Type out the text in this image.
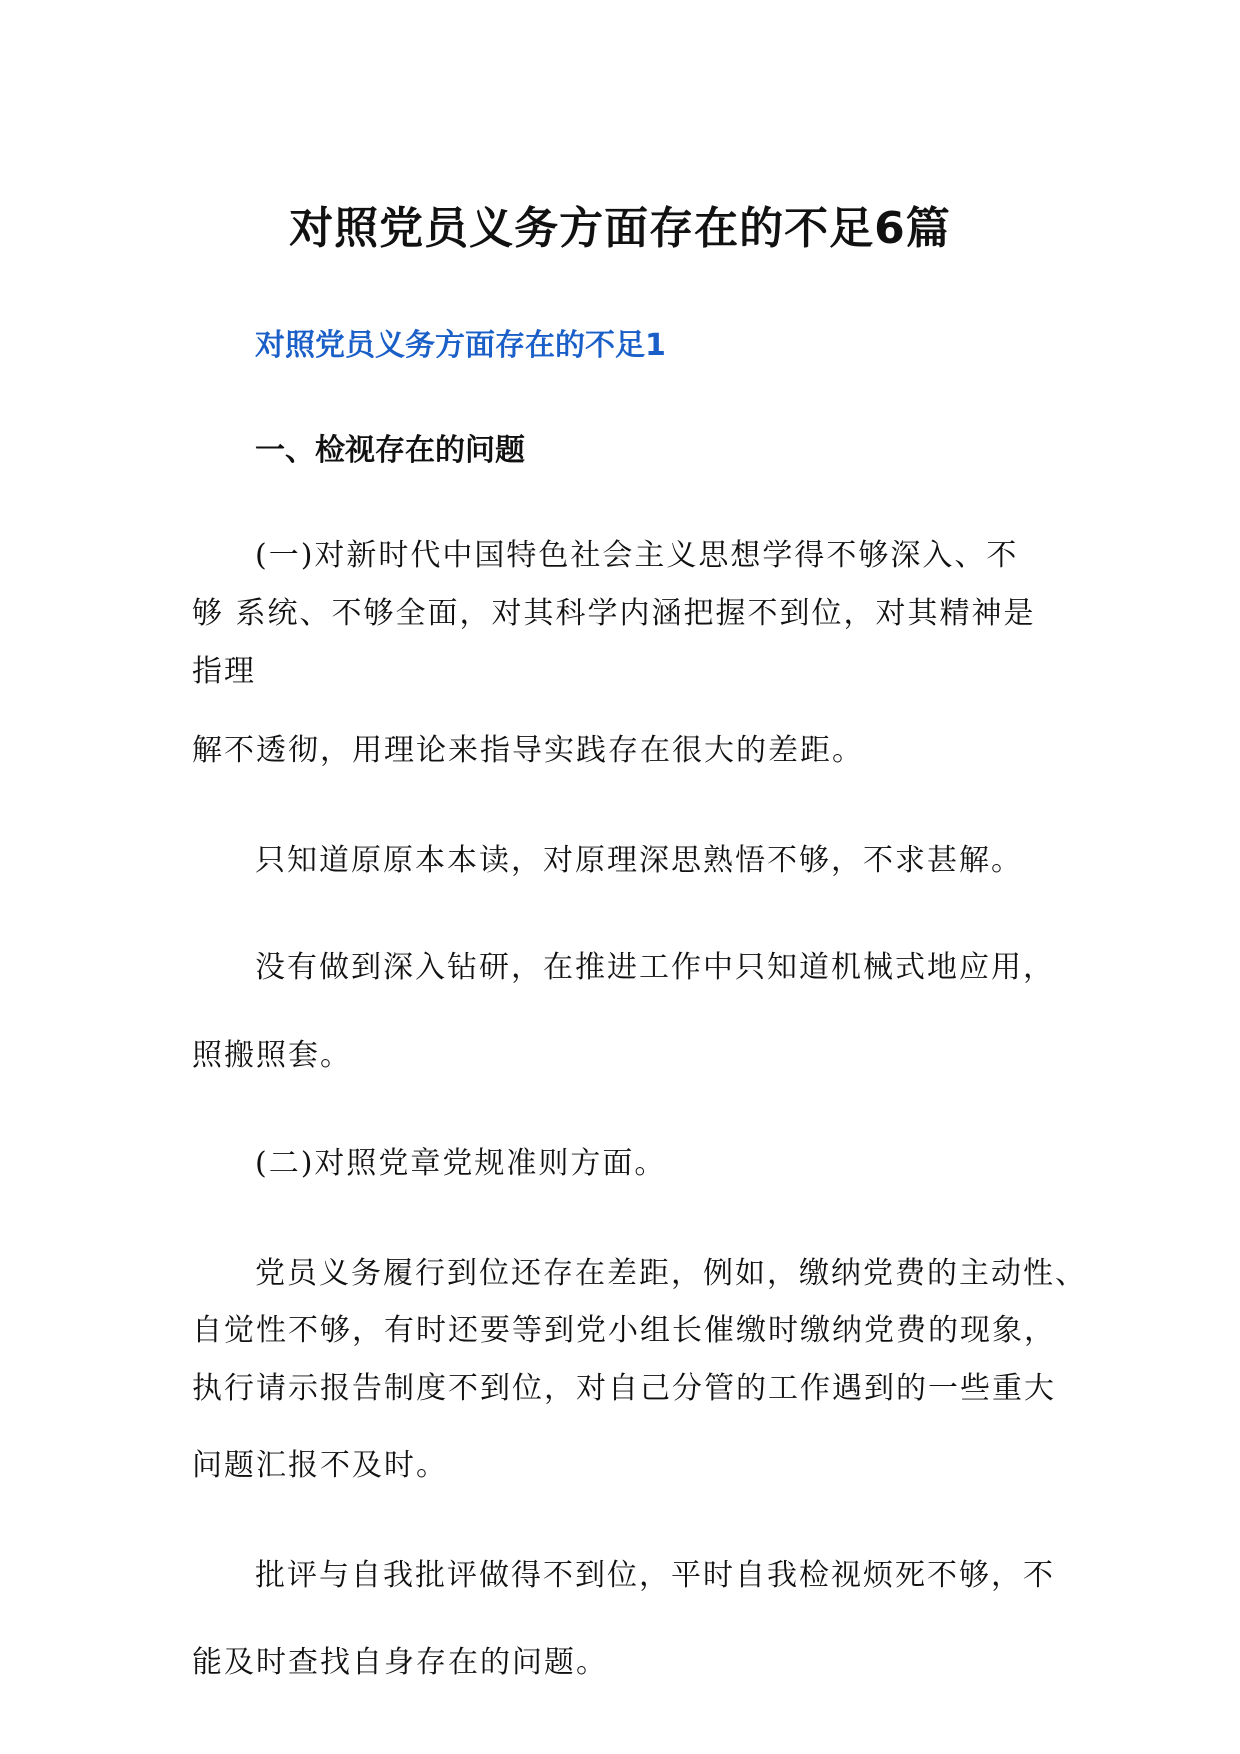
对照党员义务方面存在的不足6篇
对照党员义务方面存在的不足1
一、检视存在的问题
(一)对新时代中国特色社会主义思想学得不够深入、不
够 系统、不够全面，对其科学内涵把握不到位，对其精神是
指理
解不透彻，用理论来指导实践存在很大的差距。
只知道原原本本读，对原理深思熟悟不够，不求甚解。
没有做到深入钻研，在推进工作中只知道机械式地应用，
照搬照套。
(二)对照党章党规准则方面。
党员义务履行到位还存在差距，例如，缴纳党费的主动性、
自觉性不够，有时还要等到党小组长催缴时缴纳党费的现象，
执行请示报告制度不到位，对自己分管的工作遇到的一些重大
问题汇报不及时。
批评与自我批评做得不到位，平时自我检视烦死不够，不
能及时查找自身存在的问题。
